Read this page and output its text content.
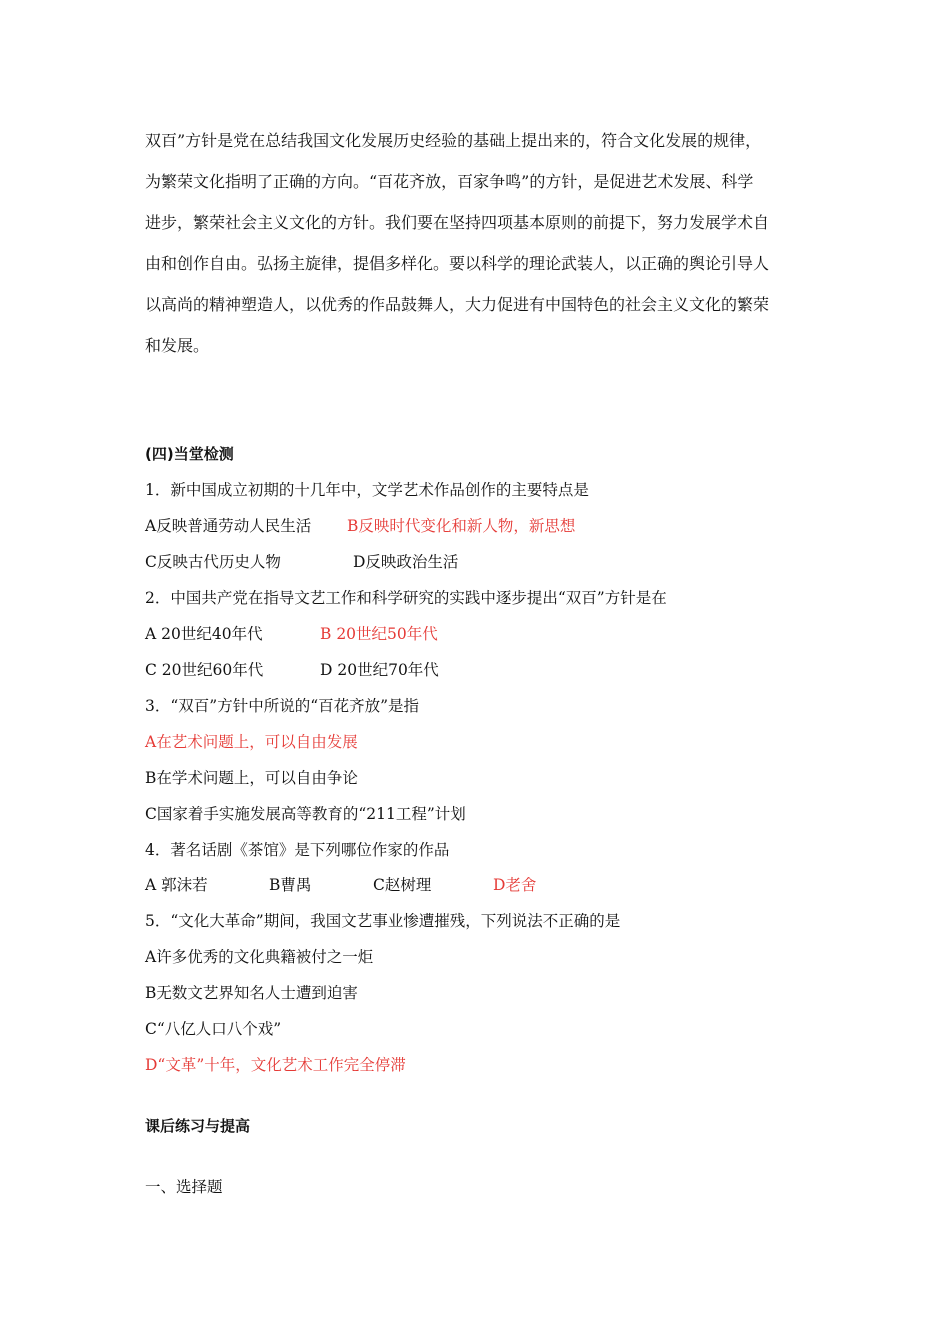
双百”方针是党在总结我国文化发展历史经验的基础上提出来的，符合文化发展的规律，
为繁荣文化指明了正确的方向。“百花齐放，百家争鸣”的方针，是促进艺术发展、科学
进步，繁荣社会主义文化的方针。我们要在坚持四项基本原则的前提下，努力发展学术自
由和创作自由。弘扬主旋律，提倡多样化。要以科学的理论武装人，以正确的舆论引导人
以高尚的精神塑造人，以优秀的作品鼓舞人，大力促进有中国特色的社会主义文化的繁荣
和发展。
(四)当堂检测
1．新中国成立初期的十几年中，文学艺术作品创作的主要特点是
A反映普通劳动人民生活 B反映时代变化和新人物，新思想
C反映古代历史人物	D反映政治生活
2．中国共产党在指导文艺工作和科学研究的实践中逐步提出“双百”方针是在
A 20世纪40年代	B 20世纪50年代
C 20世纪60年代	D 20世纪70年代
3．“双百”方针中所说的“百花齐放”是指
A在艺术问题上，可以自由发展
B在学术问题上，可以自由争论
C国家着手实施发展高等教育的“211工程”计划
4．著名话剧《茶馆》是下列哪位作家的作品
A 郭沫若	B曹禺	C赵树理	D老舍
5．“文化大革命”期间，我国文艺事业惨遭摧残，下列说法不正确的是
A许多优秀的文化典籍被付之一炬
B无数文艺界知名人士遭到迫害
C“八亿人口八个戏”
D“文革”十年，文化艺术工作完全停滞
课后练习与提高
一、选择题
